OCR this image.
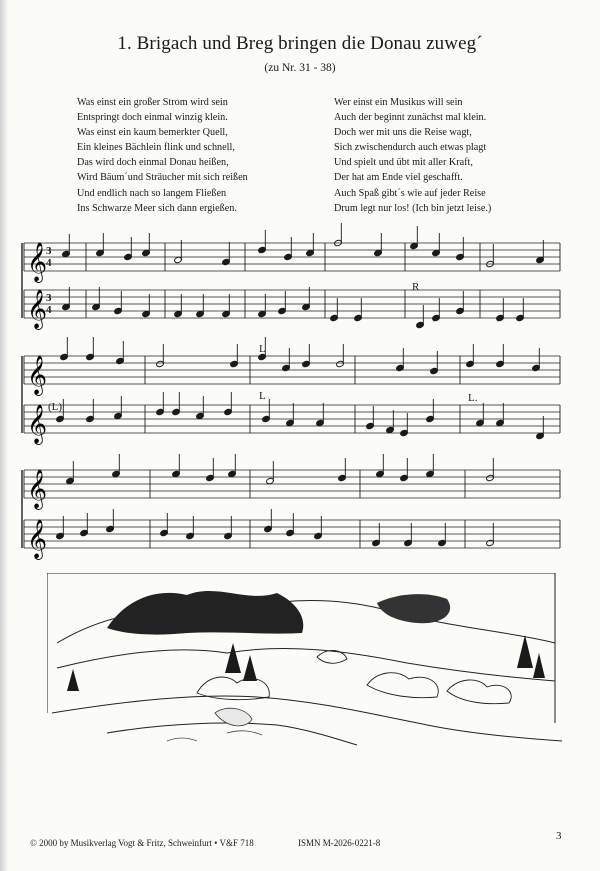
1. Brigach und Breg bringen die Donau zuweg´
(zu Nr. 31 - 38)
Was einst ein großer Strom wird sein
Entspringt doch einmal winzig klein.
Was einst ein kaum bemerkter Quell,
Ein kleines Bächlein flink und schnell,
Das wird doch einmal Donau heißen,
Wird Bäum´und Sträucher mit sich reißen
Und endlich nach so langem Fließen
Ins Schwarze Meer sich dann ergießen.
Wer einst ein Musikus will sein
Auch der beginnt zunächst mal klein.
Doch wer mit uns die Reise wagt,
Sich zwischendurch auch etwas plagt
Und spielt und übt mit aller Kraft,
Der hat am Ende viel geschafft.
Auch Spaß gibt´s wie auf jeder Reise
Drum legt nur los! (Ich bin jetzt leise.)
𝄞
𝄞
𝄞
𝄞
𝄞
𝄞
3
4
3
4
R
(L)
L
L	L.
© 2000 by Musikverlag Vogt & Fritz, Schweinfurt • V&F 718	ISMN M-2026-0221-8
3
